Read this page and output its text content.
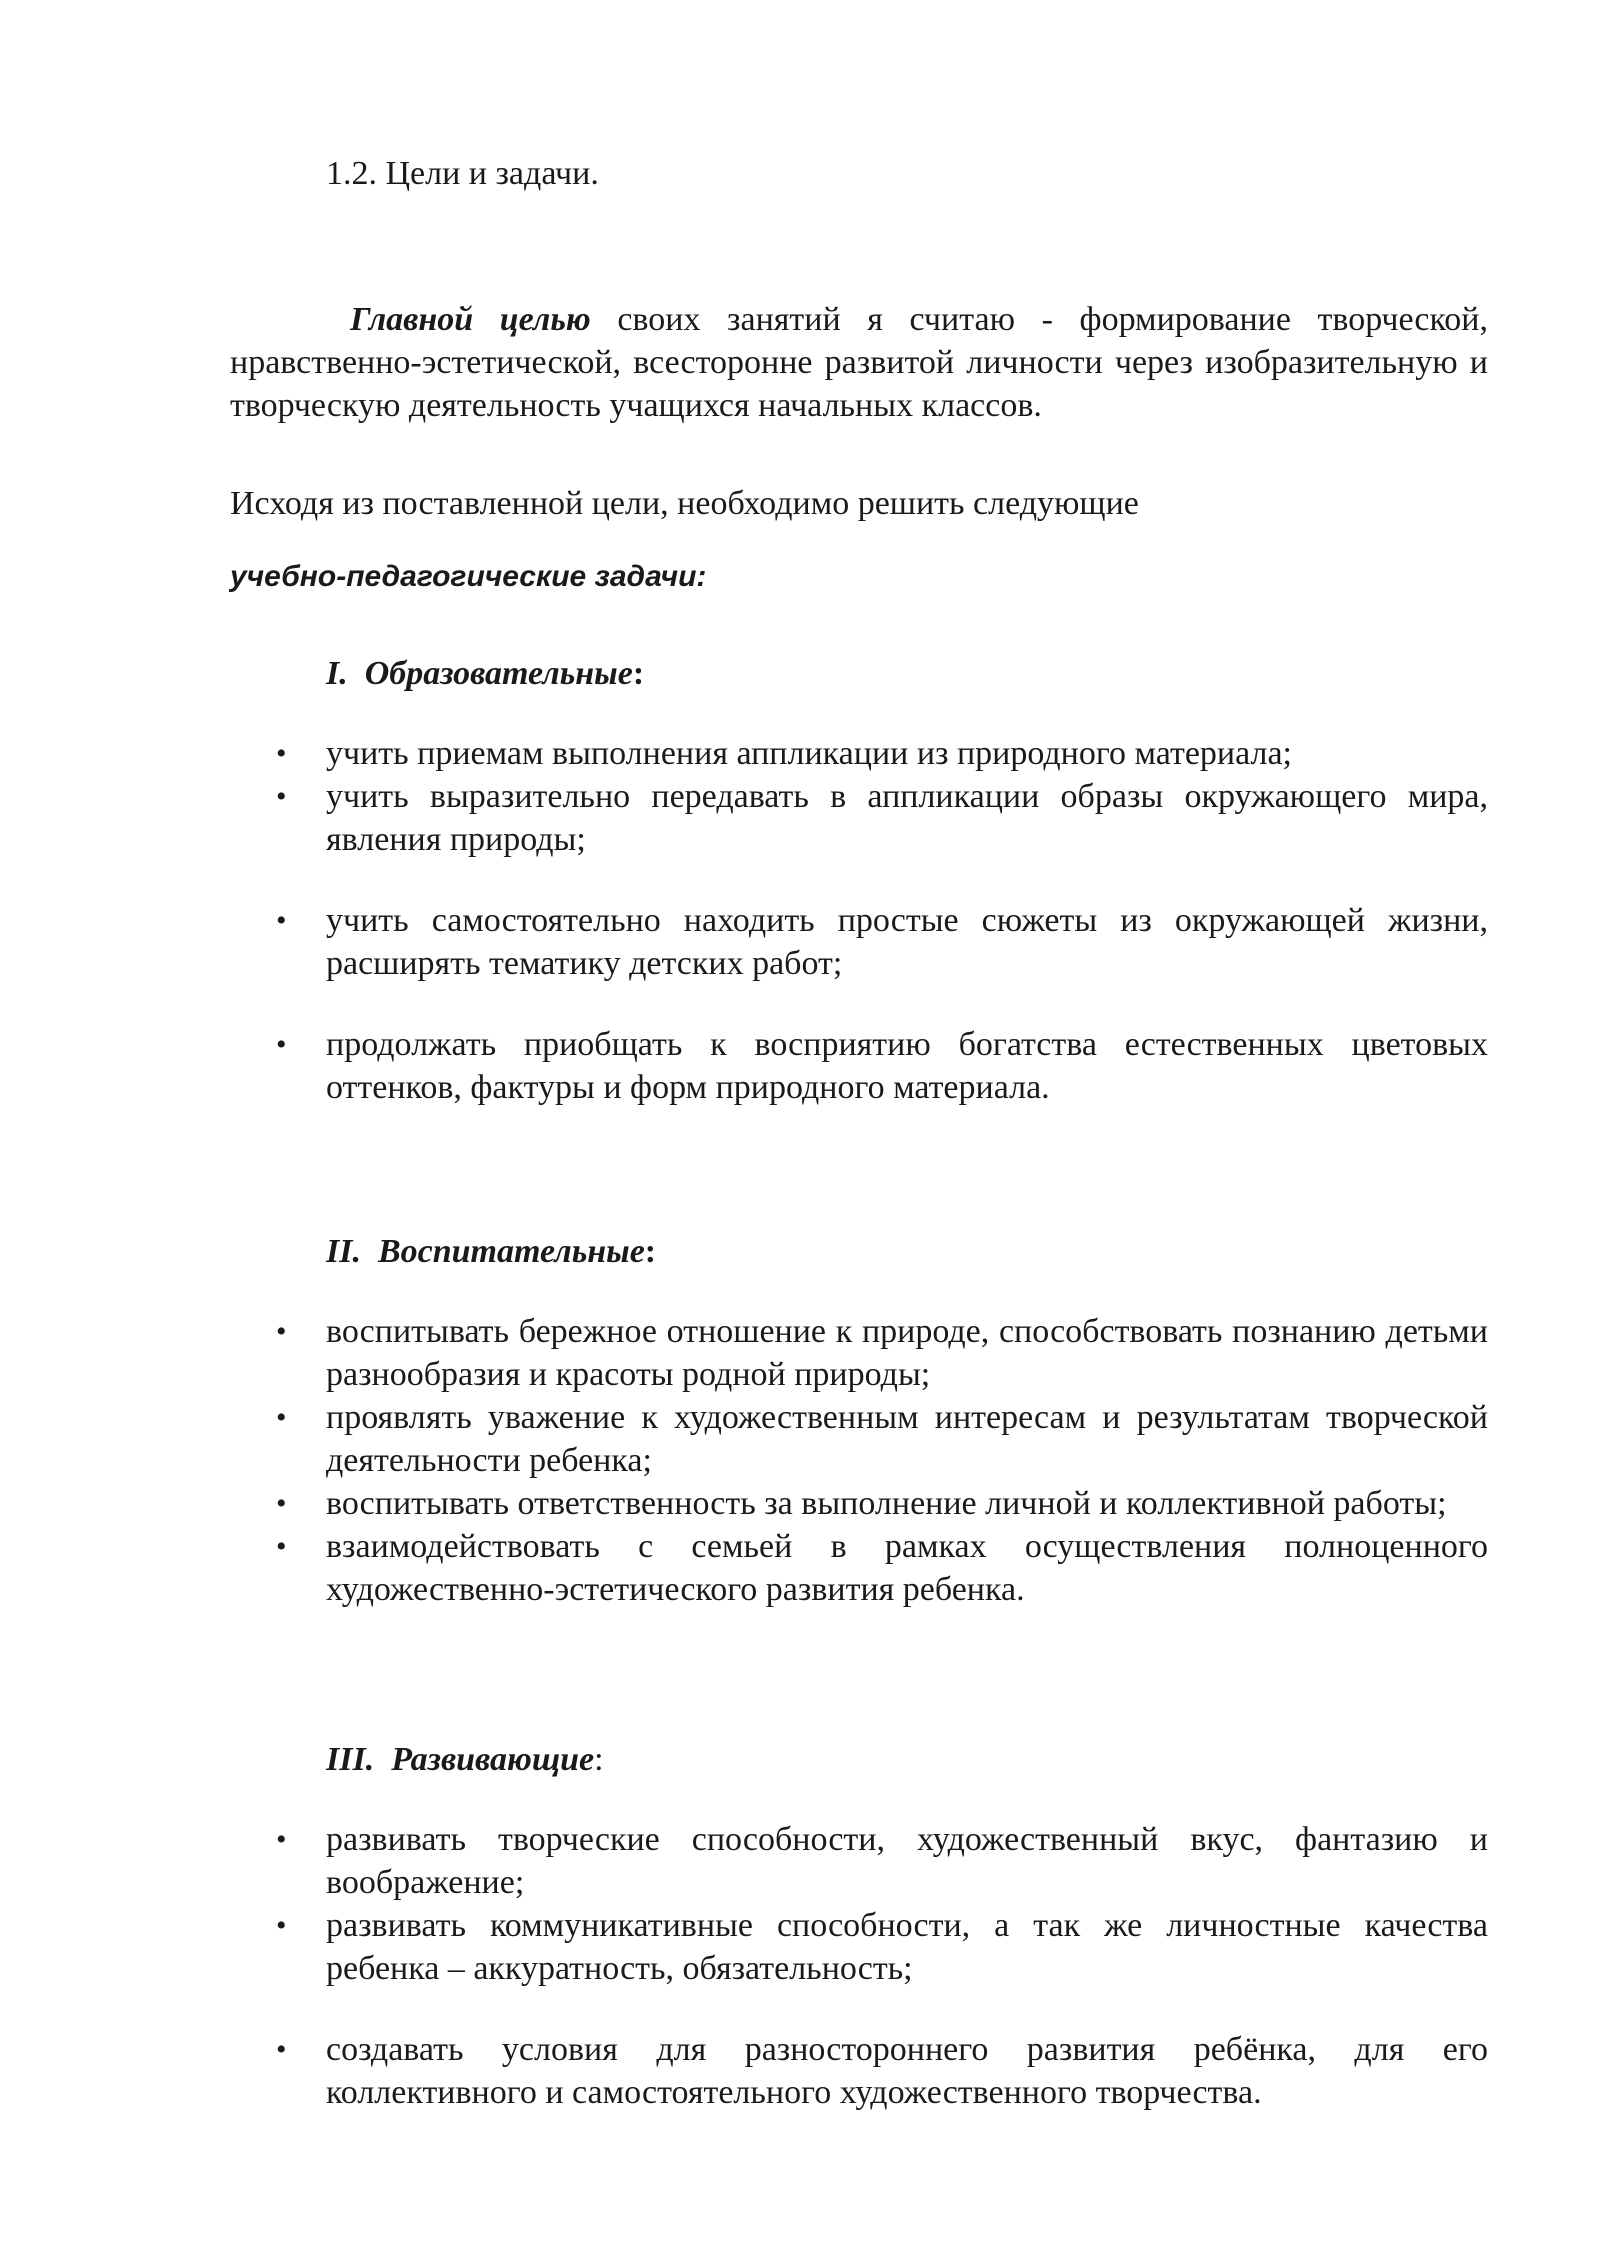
1.2. Цели и задачи.
Главной целью своих занятий я считаю - формирование творческой, нравственно-эстетической, всесторонне развитой личности через изобразительную и творческую деятельность учащихся начальных классов.
Исходя из поставленной цели, необходимо решить следующие
учебно-педагогические задачи:
I. Образовательные:
• учить приемам выполнения аппликации из природного материала;
• учить выразительно передавать в аппликации образы окружающего мира, явления природы;
• учить самостоятельно находить простые сюжеты из окружающей жизни, расширять тематику детских работ;
• продолжать приобщать к восприятию богатства естественных цветовых оттенков, фактуры и форм природного материала.
II. Воспитательные:
• воспитывать бережное отношение к природе, способствовать познанию детьми разнообразия и красоты родной природы;
• проявлять уважение к художественным интересам и результатам творческой деятельности ребенка;
• воспитывать ответственность за выполнение личной и коллективной работы;
• взаимодействовать с семьей в рамках осуществления полноценного художественно-эстетического развития ребенка.
III. Развивающие:
• развивать творческие способности, художественный вкус, фантазию и воображение;
• развивать коммуникативные способности, а так же личностные качества ребенка – аккуратность, обязательность;
• создавать условия для разностороннего развития ребёнка, для его коллективного и самостоятельного художественного творчества.
